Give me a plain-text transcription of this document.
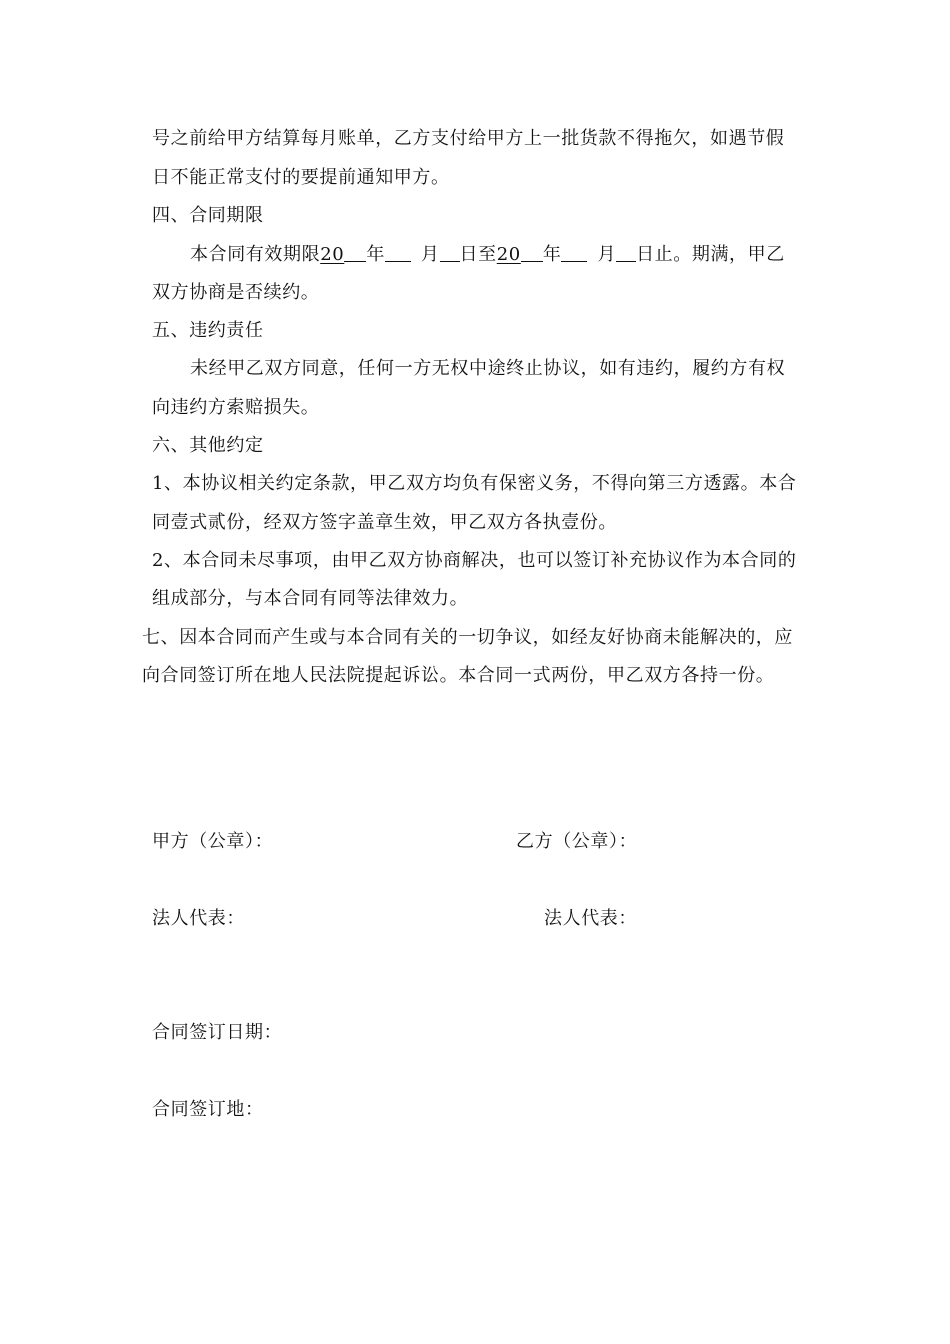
号之前给甲方结算每月账单，乙方支付给甲方上一批货款不得拖欠，如遇节假
日不能正常支付的要提前通知甲方。
四、合同期限
本合同有效期限20 年 月 日至20 年 月 日止。期满，甲乙
双方协商是否续约。
五、违约责任
未经甲乙双方同意，任何一方无权中途终止协议，如有违约，履约方有权
向违约方索赔损失。
六、其他约定
1、本协议相关约定条款，甲乙双方均负有保密义务，不得向第三方透露。本合
同壹式贰份，经双方签字盖章生效，甲乙双方各执壹份。
2、本合同未尽事项，由甲乙双方协商解决，也可以签订补充协议作为本合同的
组成部分，与本合同有同等法律效力。
七、因本合同而产生或与本合同有关的一切争议，如经友好协商未能解决的，应
向合同签订所在地人民法院提起诉讼。本合同一式两份，甲乙双方各持一份。
甲方（公章）：	乙方（公章）：
法人代表：	法人代表：
合同签订日期：
合同签订地：
